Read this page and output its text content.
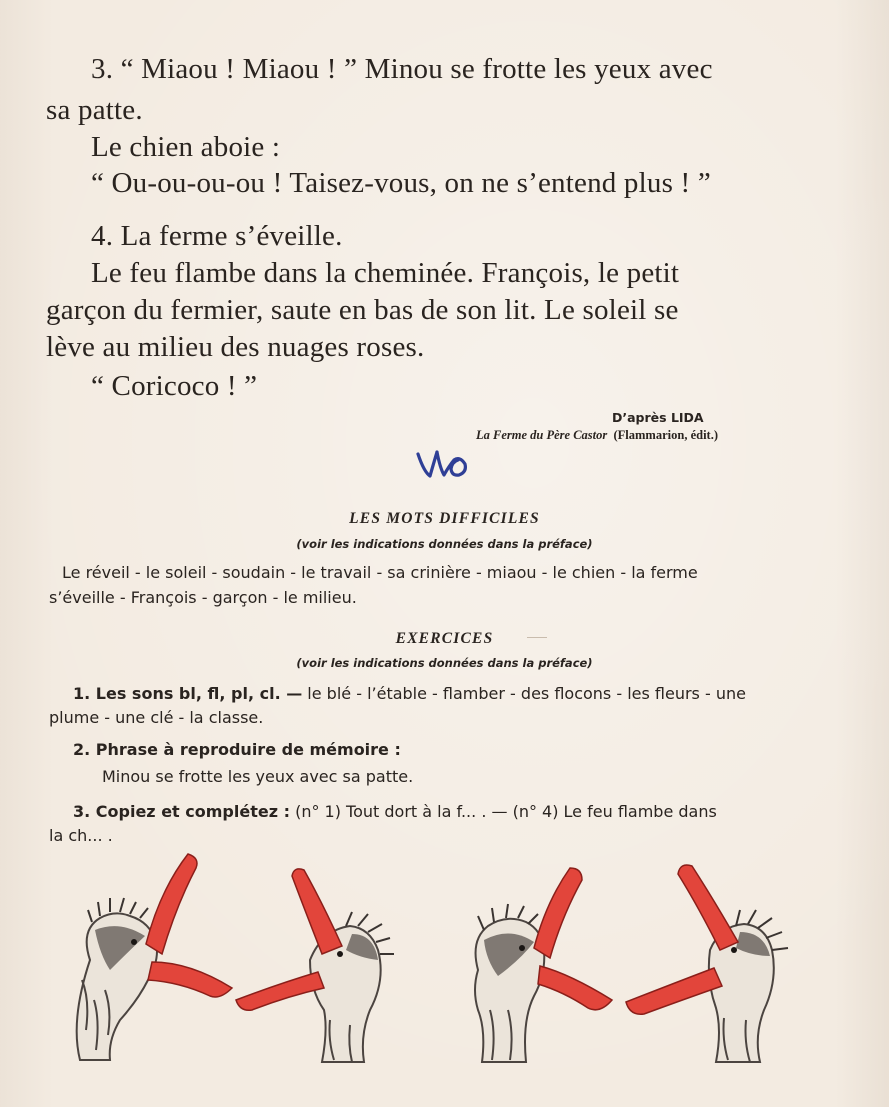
3. “ Miaou ! Miaou ! ” Minou se frotte les yeux avec
sa patte.
Le chien aboie :
“ Ou-ou-ou-ou ! Taisez-vous, on ne s’entend plus ! ”
4. La ferme s’éveille.
Le feu flambe dans la cheminée. François, le petit
garçon du fermier, saute en bas de son lit. Le soleil se
lève au milieu des nuages roses.
“ Coricoco ! ”
D’après LIDA
La Ferme du Père Castor (Flammarion, édit.)
LES MOTS DIFFICILES
(voir les indications données dans la préface)
Le réveil - le soleil - soudain - le travail - sa crinière - miaou - le chien - la ferme
s’éveille - François - garçon - le milieu.
EXERCICES
(voir les indications données dans la préface)
1. Les sons bl, fl, pl, cl. — le blé - l’étable - flamber - des flocons - les fleurs - une
plume - une clé - la classe.
2. Phrase à reproduire de mémoire :
Minou se frotte les yeux avec sa patte.
3. Copiez et complétez : (n° 1) Tout dort à la f... . — (n° 4) Le feu flambe dans
la ch... .
